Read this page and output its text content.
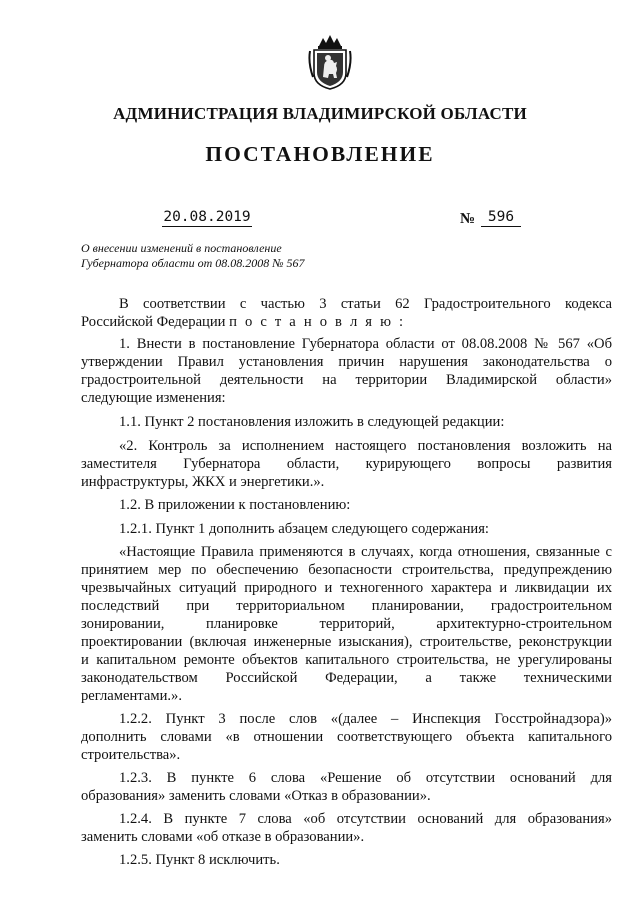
АДМИНИСТРАЦИЯ ВЛАДИМИРСКОЙ ОБЛАСТИ
ПОСТАНОВЛЕНИЕ
20.08.2019	№ 596
О внесении изменений в постановление
Губернатора области от 08.08.2008 № 567
В соответствии с частью 3 статьи 62 Градостроительного кодекса
Российской Федерации п о с т а н о в л я ю :
1. Внести в постановление Губернатора области от 08.08.2008 № 567 «Об
утверждении Правил установления причин нарушения законодательства о
градостроительной деятельности на территории Владимирской области»
следующие изменения:
1.1. Пункт 2 постановления изложить в следующей редакции:
«2. Контроль за исполнением настоящего постановления возложить на
заместителя Губернатора области, курирующего вопросы развития
инфраструктуры, ЖКХ и энергетики.».
1.2. В приложении к постановлению:
1.2.1. Пункт 1 дополнить абзацем следующего содержания:
«Настоящие Правила применяются в случаях, когда отношения, связанные с
принятием мер по обеспечению безопасности строительства, предупреждению
чрезвычайных ситуаций природного и техногенного характера и ликвидации их
последствий при территориальном планировании, градостроительном
зонировании, планировке территорий, архитектурно-строительном
проектировании (включая инженерные изыскания), строительстве, реконструкции
и капитальном ремонте объектов капитального строительства, не урегулированы
законодательством Российской Федерации, а также техническими
регламентами.».
1.2.2. Пункт 3 после слов «(далее – Инспекция Госстройнадзора)»
дополнить словами «в отношении соответствующего объекта капитального
строительства».
1.2.3. В пункте 6 слова «Решение об отсутствии оснований для
образования» заменить словами «Отказ в образовании».
1.2.4. В пункте 7 слова «об отсутствии оснований для образования»
заменить словами «об отказе в образовании».
1.2.5. Пункт 8 исключить.
